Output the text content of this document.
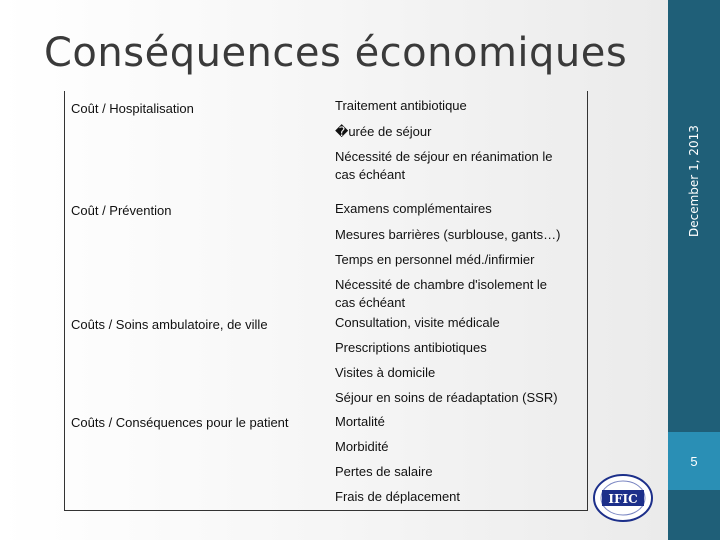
Conséquences économiques
Coût / Hospitalisation	Traitement antibiotique
�urée de séjour
Nécessité de séjour en réanimation le
cas échéant
Coût / Prévention	Examens complémentaires
Mesures barrières (surblouse, gants…)
Temps en personnel méd./infirmier
Nécessité de chambre d'isolement le
cas échéant
Coûts / Soins ambulatoire, de ville	Consultation, visite médicale
Prescriptions antibiotiques
Visites à domicile
Séjour en soins de réadaptation (SSR)
Coûts / Conséquences pour le patient	Mortalité
Morbidité
Pertes de salaire
Frais de déplacement
December 1, 2013
5
IFIC
